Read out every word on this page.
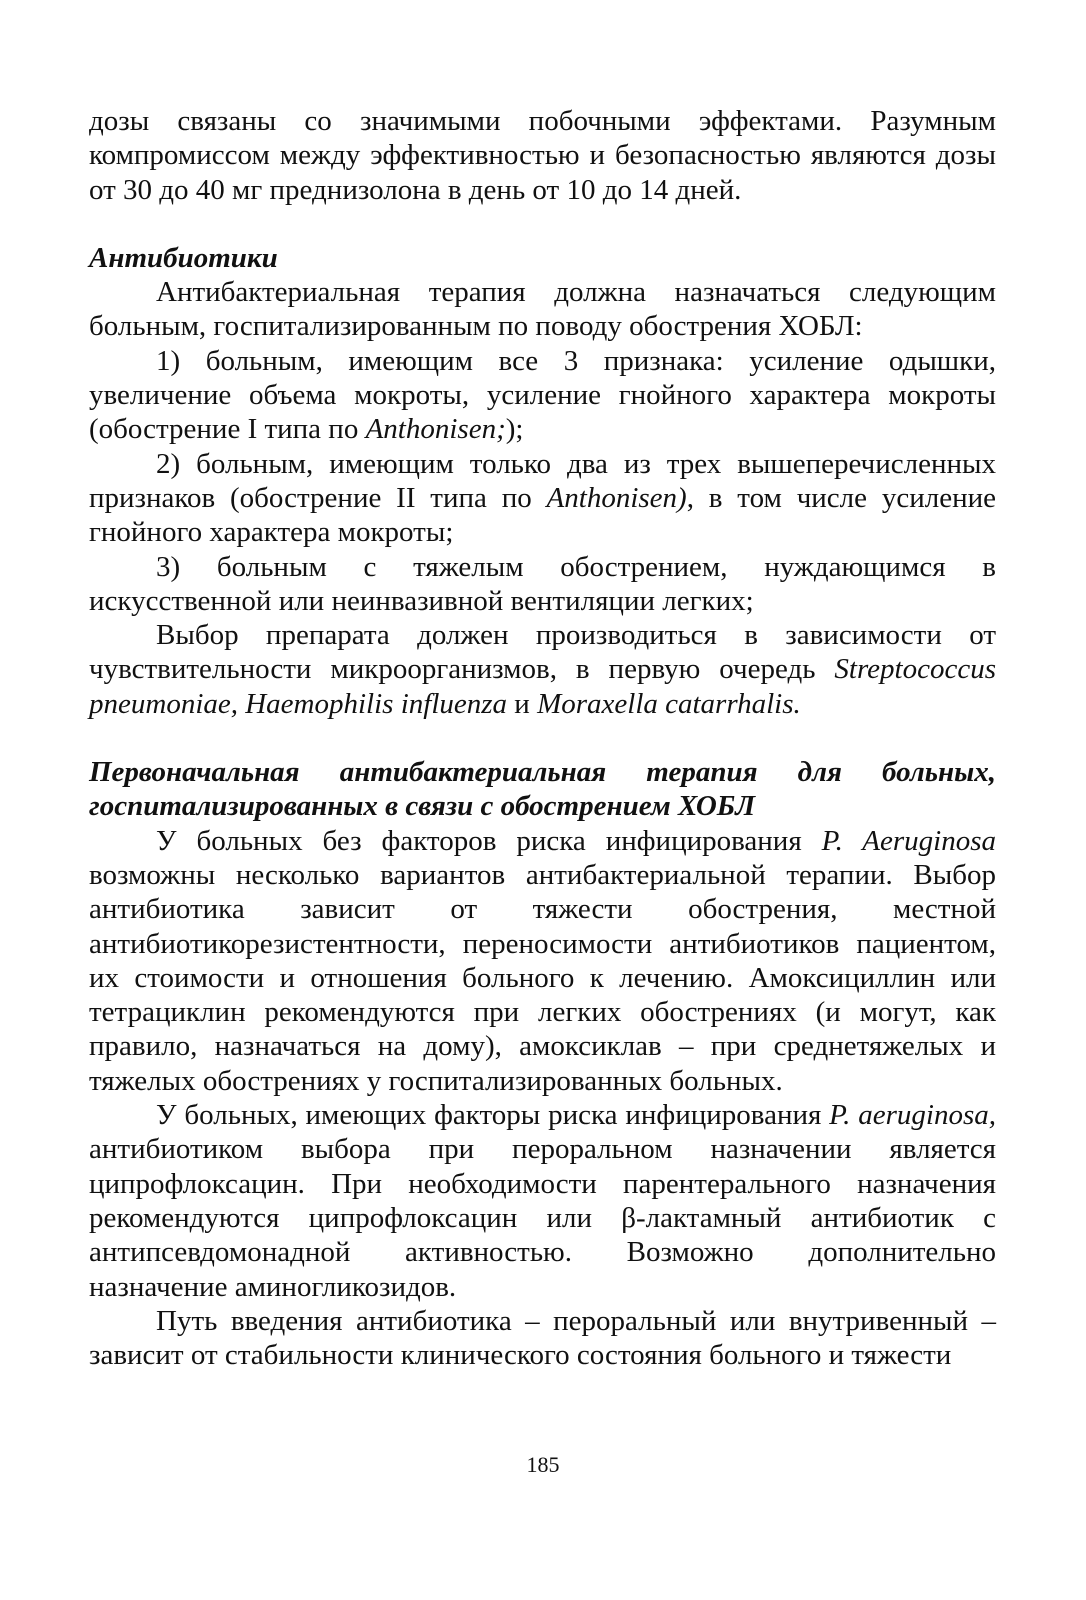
дозы связаны со значимыми побочными эффектами. Разумным компромиссом между эффективностью и безопасностью являются дозы от 30 до 40 мг преднизолона в день от 10 до 14 дней.

Антибиотики

Антибактериальная терапия должна назначаться следующим больным, госпитализированным по поводу обострения ХОБЛ:

1) больным, имеющим все 3 признака: усиление одышки, увеличение объема мокроты, усиление гнойного характера мокроты (обострение I типа по Anthonisen;);

2) больным, имеющим только два из трех вышеперечисленных признаков (обострение II типа по Anthonisen), в том числе усиление гнойного характера мокроты;

3) больным с тяжелым обострением, нуждающимся в искусственной или неинвазивной вентиляции легких;

Выбор препарата должен производиться в зависимости от чувствительности микроорганизмов, в первую очередь Streptococcus pneumoniae, Haemophilis influenza и Moraxella catarrhalis.

Первоначальная антибактериальная терапия для больных, госпитализированных в связи с обострением ХОБЛ

У больных без факторов риска инфицирования P. Aeruginosa возможны несколько вариантов антибактериальной терапии. Выбор антибиотика зависит от тяжести обострения, местной антибиотикорезистентности, переносимости антибиотиков пациентом, их стоимости и отношения больного к лечению. Амоксициллин или тетрациклин рекомендуются при легких обострениях (и могут, как правило, назначаться на дому), амоксиклав – при среднетяжелых и тяжелых обострениях у госпитализированных больных.

У больных, имеющих факторы риска инфицирования P. aeruginosa, антибиотиком выбора при пероральном назначении является ципрофлоксацин. При необходимости парентерального назначения рекомендуются ципрофлоксацин или β-лактамный антибиотик с антипсевдомонадной активностью. Возможно дополнительно назначение аминогликозидов.

Путь введения антибиотика – пероральный или внутривенный – зависит от стабильности клинического состояния больного и тяжести

185
